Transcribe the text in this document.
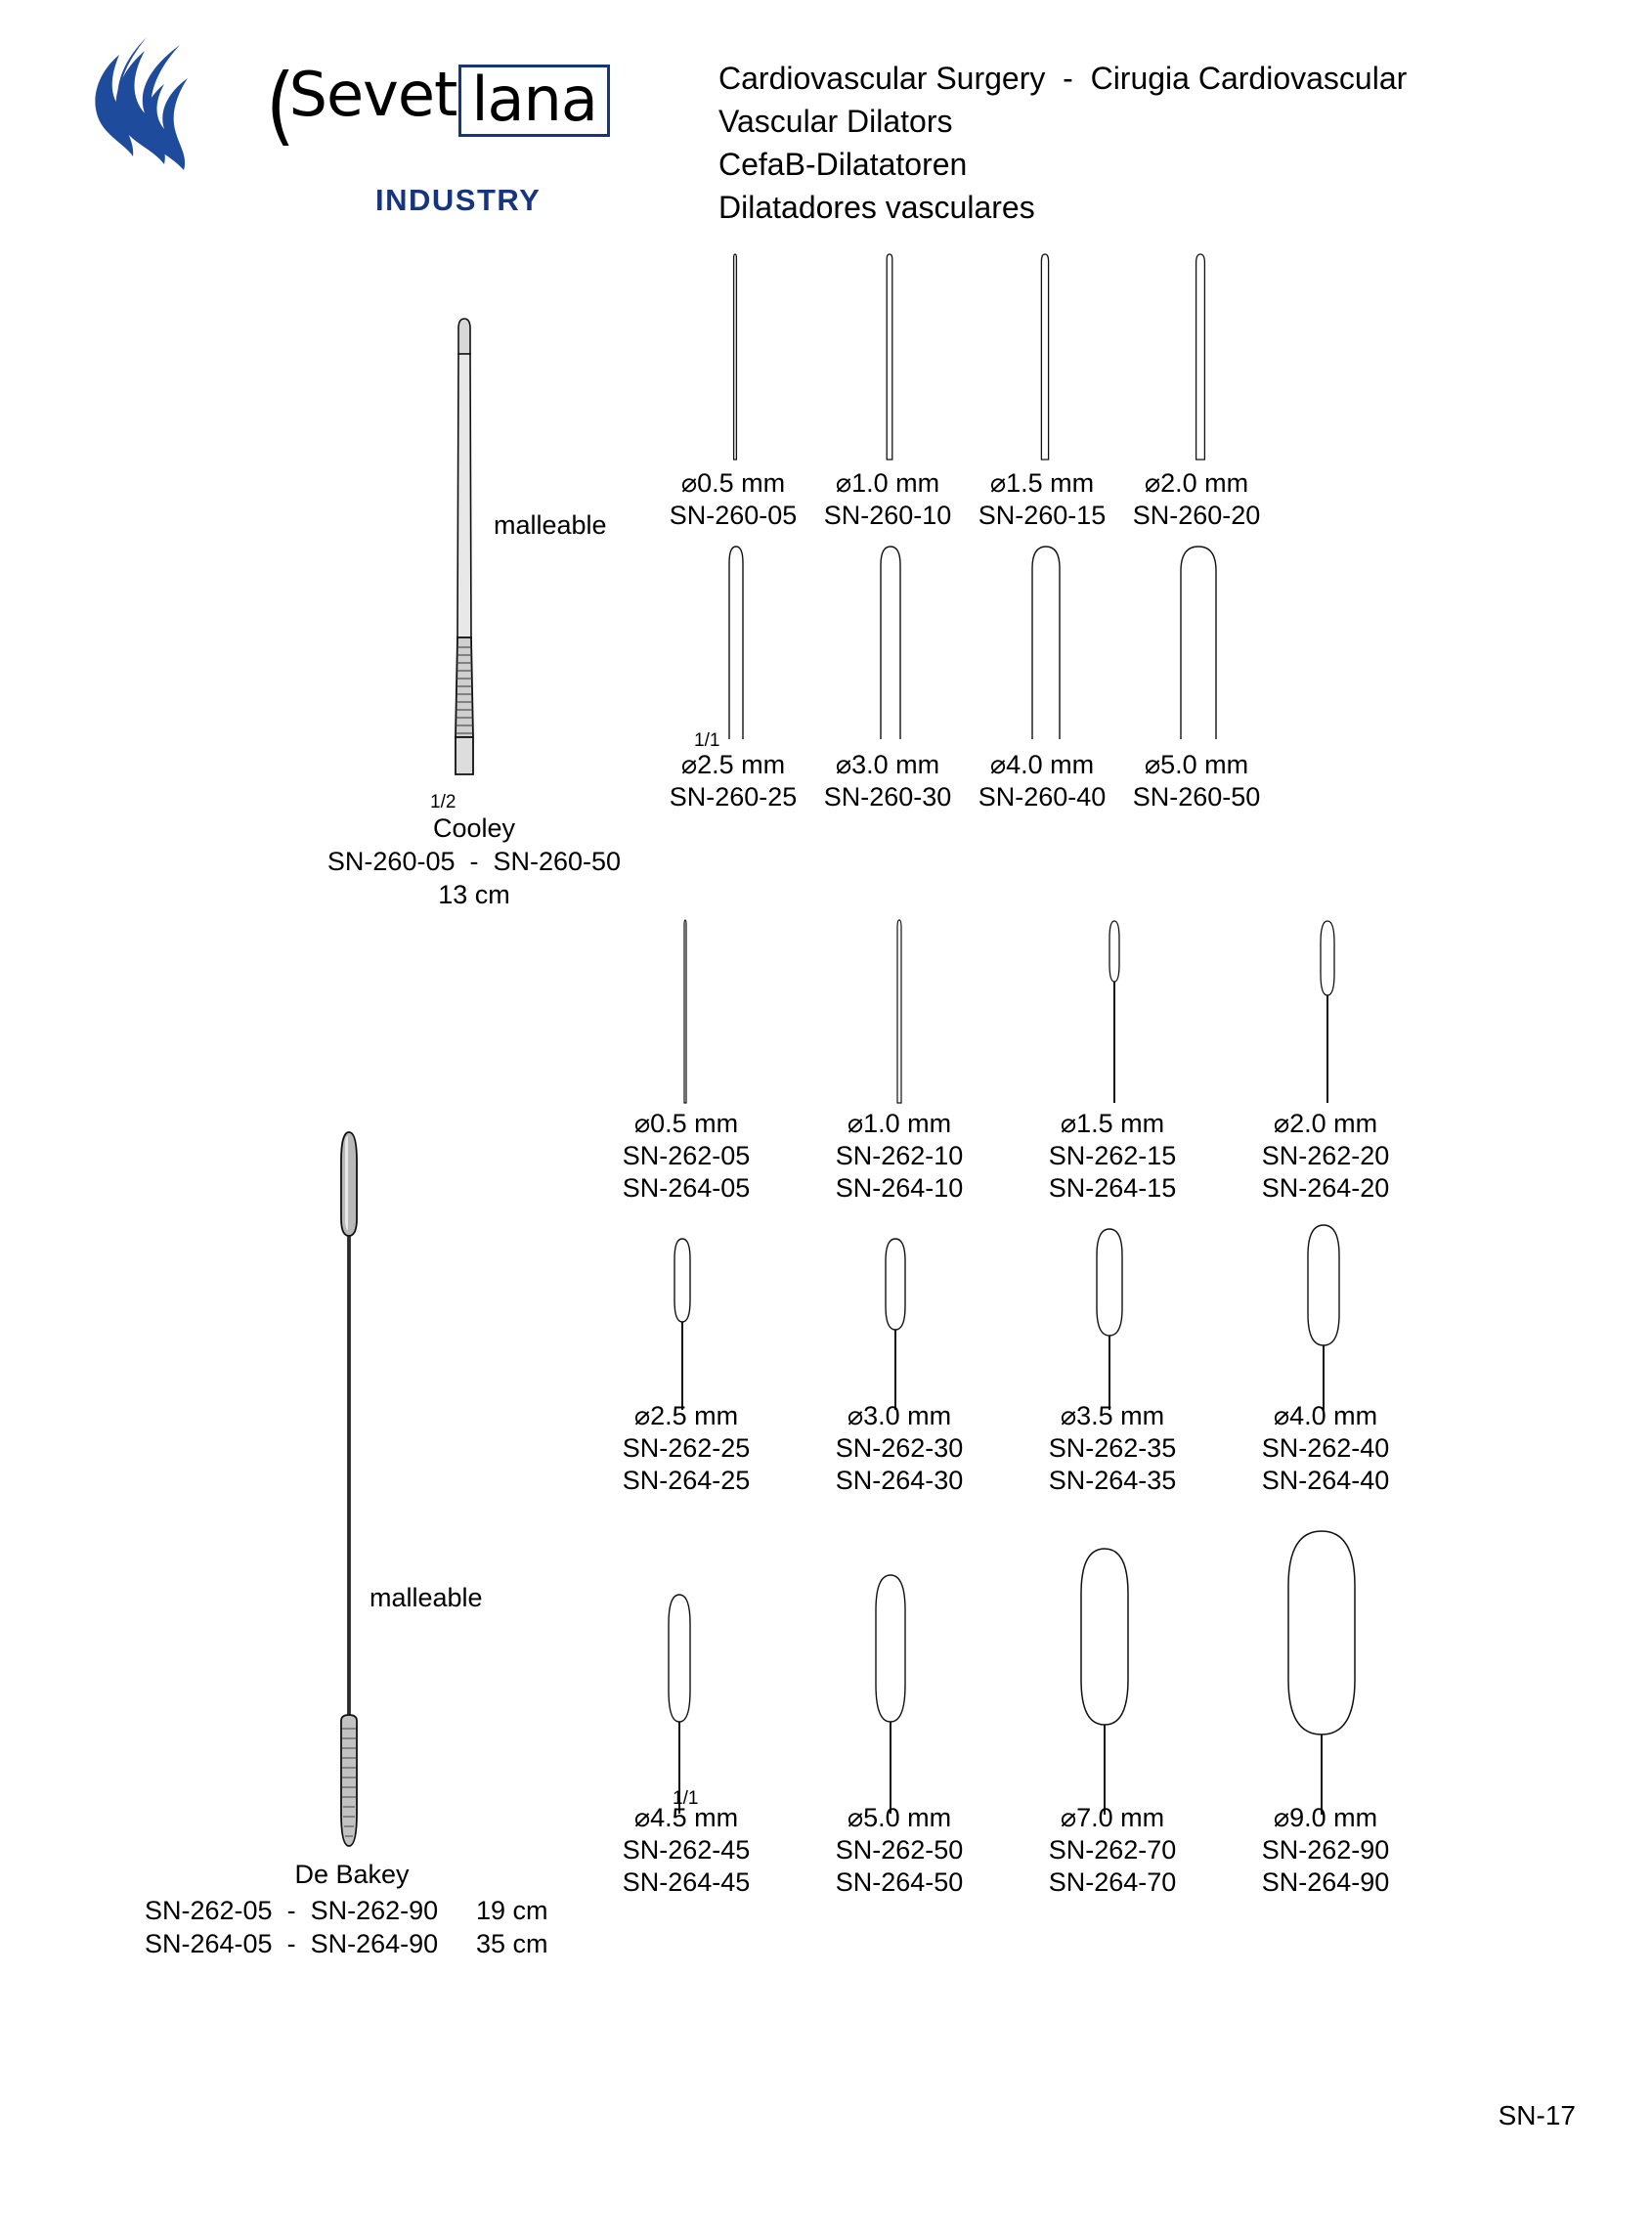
(
Sevet lana
INDUSTRY
Cardiovascular Surgery  -  Cirugia Cardiovascular
Vascular Dilators
CefaB-Dilatatoren
Dilatadores vasculares
malleable
1/2
Cooley
SN-260-05  -  SN-260-50
13 cm
⌀0.5 mm
SN-260-05
⌀1.0 mm
SN-260-10
⌀1.5 mm
SN-260-15
⌀2.0 mm
SN-260-20
1/1
⌀2.5 mm
SN-260-25
⌀3.0 mm
SN-260-30
⌀4.0 mm
SN-260-40
⌀5.0 mm
SN-260-50
malleable
De Bakey
SN-262-05  -  SN-262-90	19 cm
SN-264-05  -  SN-264-90	35 cm
⌀0.5 mm
SN-262-05
SN-264-05
⌀1.0 mm
SN-262-10
SN-264-10
⌀1.5 mm
SN-262-15
SN-264-15
⌀2.0 mm
SN-262-20
SN-264-20
⌀2.5 mm
SN-262-25
SN-264-25
⌀3.0 mm
SN-262-30
SN-264-30
⌀3.5 mm
SN-262-35
SN-264-35
⌀4.0 mm
SN-262-40
SN-264-40
1/1
⌀4.5 mm
SN-262-45
SN-264-45
⌀5.0 mm
SN-262-50
SN-264-50
⌀7.0 mm
SN-262-70
SN-264-70
⌀9.0 mm
SN-262-90
SN-264-90
SN-17
